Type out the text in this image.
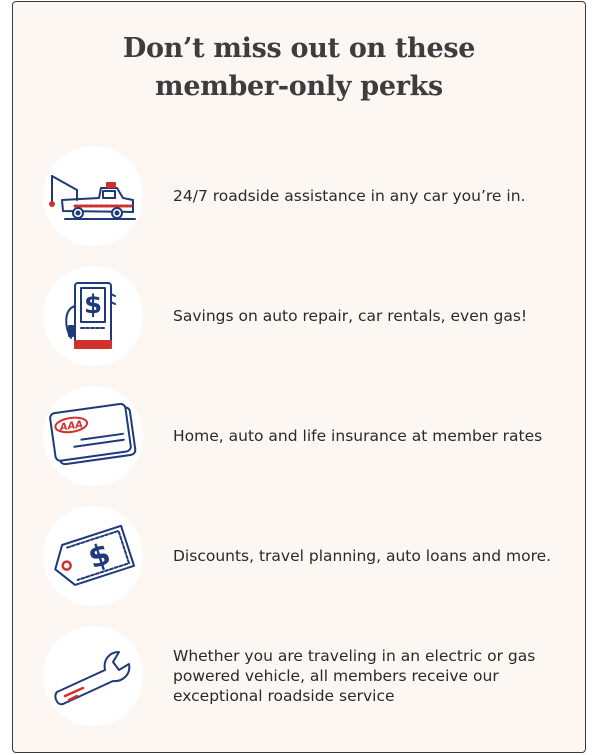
Don’t miss out on these
member-only perks
24/7 roadside assistance in any car you’re in.
$	Savings on auto repair, car rentals, even gas!
AAA
Home, auto and life insurance at member rates
$	Discounts, travel planning, auto loans and more.
Whether you are traveling in an electric or gas powered vehicle, all members receive our exceptional roadside service
